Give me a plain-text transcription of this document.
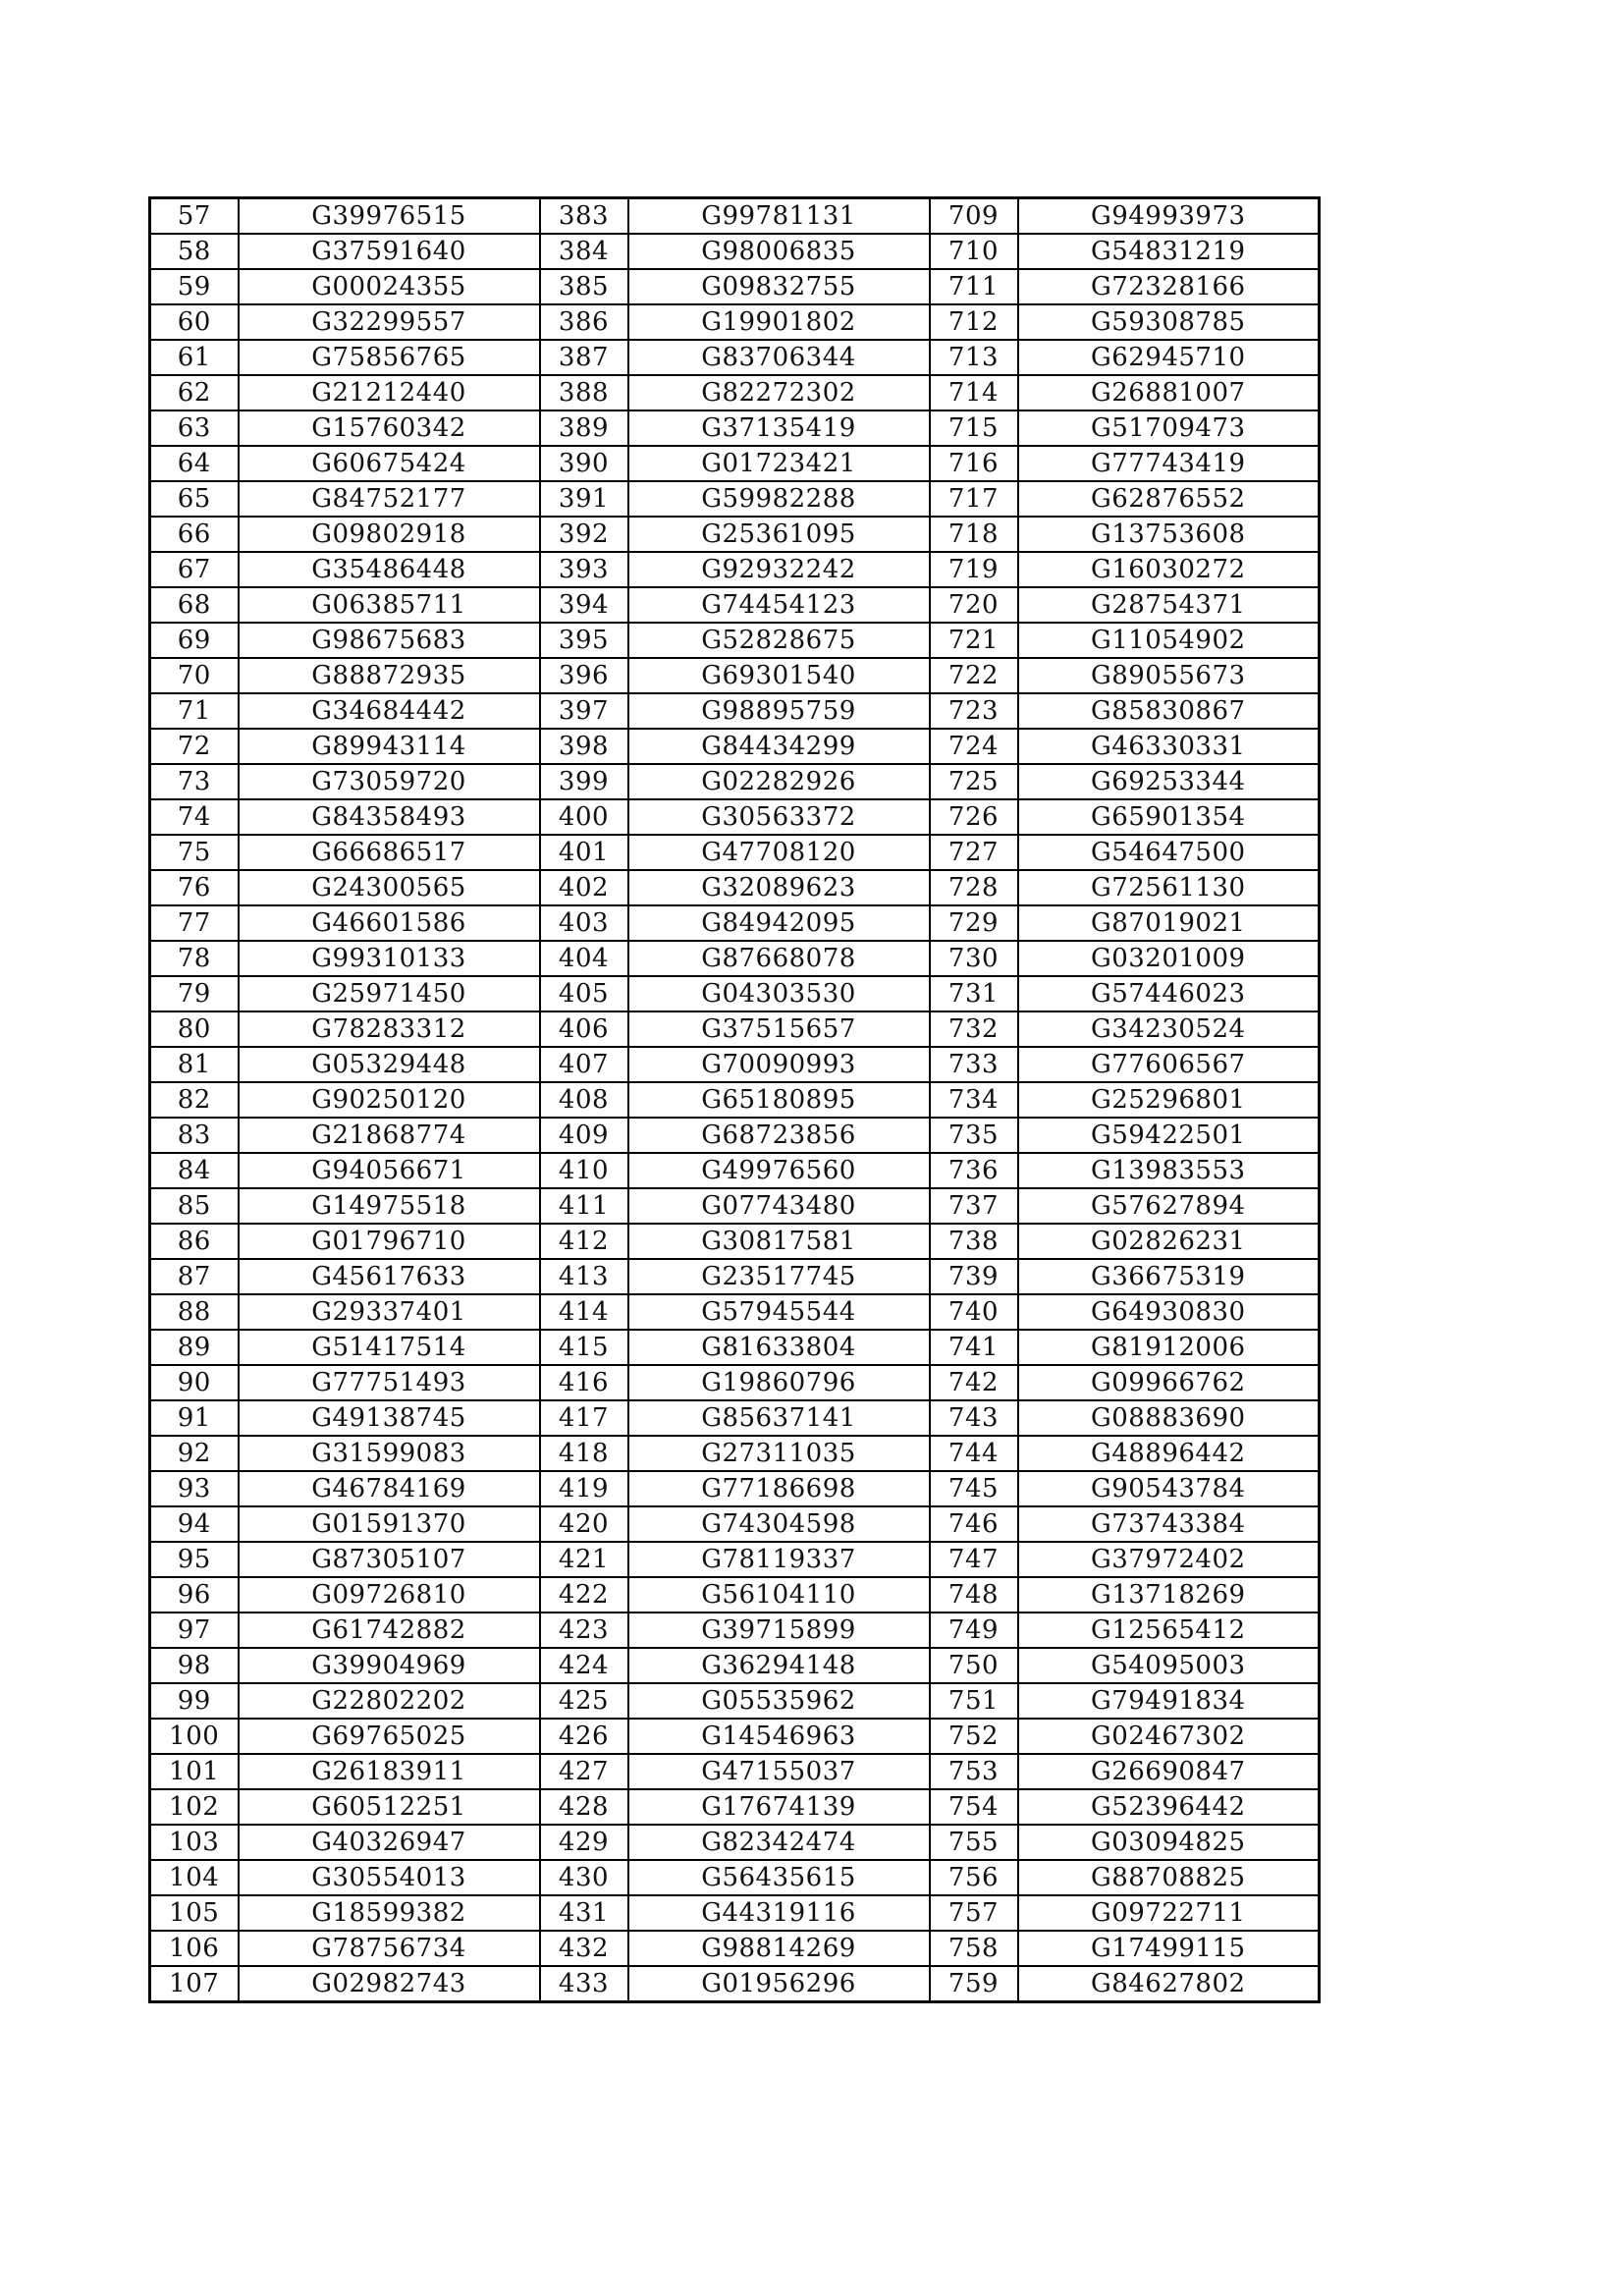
57	G39976515	383	G99781131	709	G94993973
58	G37591640	384	G98006835	710	G54831219
59	G00024355	385	G09832755	711	G72328166
60	G32299557	386	G19901802	712	G59308785
61	G75856765	387	G83706344	713	G62945710
62	G21212440	388	G82272302	714	G26881007
63	G15760342	389	G37135419	715	G51709473
64	G60675424	390	G01723421	716	G77743419
65	G84752177	391	G59982288	717	G62876552
66	G09802918	392	G25361095	718	G13753608
67	G35486448	393	G92932242	719	G16030272
68	G06385711	394	G74454123	720	G28754371
69	G98675683	395	G52828675	721	G11054902
70	G88872935	396	G69301540	722	G89055673
71	G34684442	397	G98895759	723	G85830867
72	G89943114	398	G84434299	724	G46330331
73	G73059720	399	G02282926	725	G69253344
74	G84358493	400	G30563372	726	G65901354
75	G66686517	401	G47708120	727	G54647500
76	G24300565	402	G32089623	728	G72561130
77	G46601586	403	G84942095	729	G87019021
78	G99310133	404	G87668078	730	G03201009
79	G25971450	405	G04303530	731	G57446023
80	G78283312	406	G37515657	732	G34230524
81	G05329448	407	G70090993	733	G77606567
82	G90250120	408	G65180895	734	G25296801
83	G21868774	409	G68723856	735	G59422501
84	G94056671	410	G49976560	736	G13983553
85	G14975518	411	G07743480	737	G57627894
86	G01796710	412	G30817581	738	G02826231
87	G45617633	413	G23517745	739	G36675319
88	G29337401	414	G57945544	740	G64930830
89	G51417514	415	G81633804	741	G81912006
90	G77751493	416	G19860796	742	G09966762
91	G49138745	417	G85637141	743	G08883690
92	G31599083	418	G27311035	744	G48896442
93	G46784169	419	G77186698	745	G90543784
94	G01591370	420	G74304598	746	G73743384
95	G87305107	421	G78119337	747	G37972402
96	G09726810	422	G56104110	748	G13718269
97	G61742882	423	G39715899	749	G12565412
98	G39904969	424	G36294148	750	G54095003
99	G22802202	425	G05535962	751	G79491834
100	G69765025	426	G14546963	752	G02467302
101	G26183911	427	G47155037	753	G26690847
102	G60512251	428	G17674139	754	G52396442
103	G40326947	429	G82342474	755	G03094825
104	G30554013	430	G56435615	756	G88708825
105	G18599382	431	G44319116	757	G09722711
106	G78756734	432	G98814269	758	G17499115
107	G02982743	433	G01956296	759	G84627802
